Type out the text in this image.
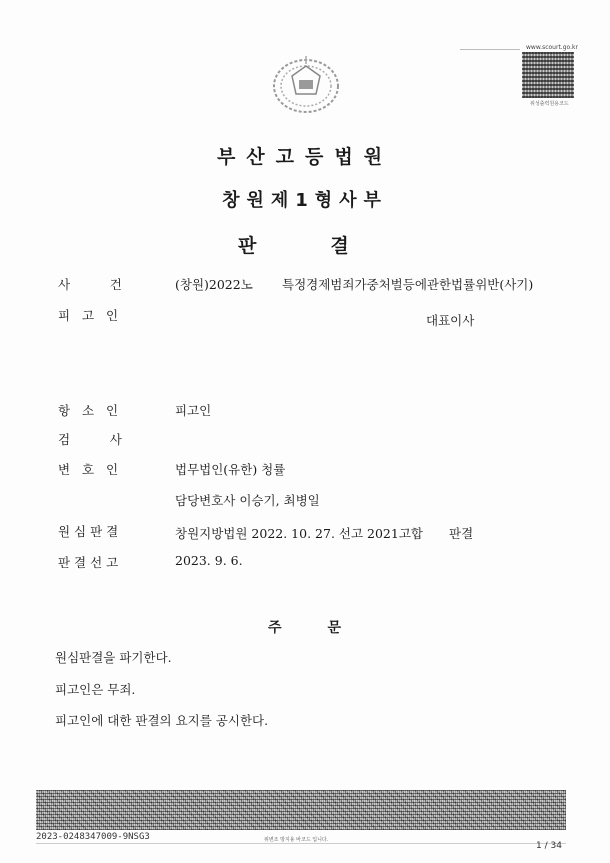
www.scourt.go.kr
위성출력원용코드
부산고등법원
창원제1형사부
판	결
사          건	(창원)2022노 특정경제범죄가중처벌등에관한법률위반(사기)
피   고   인	대표이사
항   소   인	피고인
검          사
변   호   인	법무법인(유한) 청률
담당변호사 이승기, 최병일
원 심 판 결	창원지방법원 2022. 10. 27. 선고 2021고합 판결
판 결 선 고	2023. 9. 6.
주	문
원심판결을 파기한다.
피고인은 무죄.
피고인에 대한 판결의 요지를 공시한다.
2023-0248347009-9NSG3	위변조 방지용 바코드 입니다.
1 / 34
